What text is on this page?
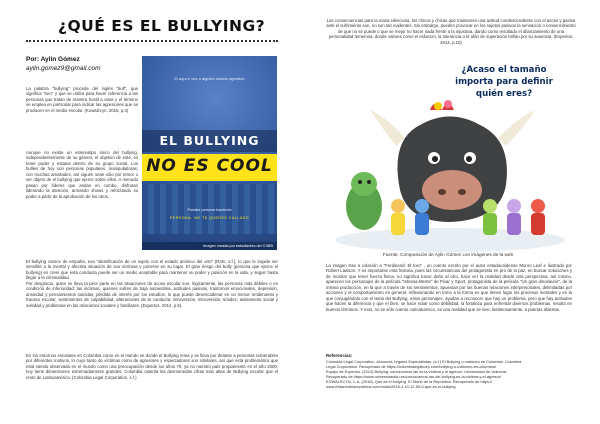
¿QUÉ ES EL BULLYING?
Por: Aylin Gómez
aylin.gomez9@gmail.com
La palabra "bullying" procede del inglés "bull", que significa "toro" y que se utiliza para hacer referencia a las personas que tratan de manera hostil a otras y el término se emplea en particular para indicar las agresiones que se producen en el medio escolar. (Kowalzcyn, 2016, p.3)
Aunque no existe un estereotipo único del bullying, independientemente de su género, el objetivo de este, es tener poder y estatus dentro de su grupo social. Los bullies de hoy son personas populares, manipuladoras, con muchas amistades, así siguen sean sólo por temor o ser objeto de el bullying que ejerce sobre ellos. A menudo pasan por líderes que andan en combo, disfrutan liderando la atención, armando shows y reforzando su poder a partir de la aprobación de los otros.
El aquí e vez a alguien estado agredido
EL BULLYING
NO ES COOL
Puedes persona haciendo
PERSONA- NO TE QUEDES CALLADO
Imagen creada por estudiantes del CSBB
El bullying carece de empatía, esa "identificación de un sujeto con el estado anímico del otro" (RAE, s.f.), lo que le impide ser sensible a la mental y afectiva situación de sus víctimas y ponerse en su lugar. El gran riesgo del bully (persona que ejerce el bullying) es creer que esta conducta puede ser un medio aceptable para mantener su poder y posición en la vida, y seguir hasta llegar a la criminalidad.
Por desgracia, quien se lleva la peor parte en las situaciones de acoso escolar son, lógicamente, las personas más débiles o en condición de inferioridad: las víctimas, quienes sufren de baja autoestima, actitudes pasivas, trastornos emocionales, depresión, ansiedad y pensamientos suicidas, pérdida de interés por los estudios, lo que puede desencadenar en un menor rendimiento y fracaso escolar, sentimientos de culpabilidad, alteraciones de la conducta: introversión, introversión, timidez, aislamiento social y soledad y problemas en las relaciones sociales y familiares. (Expertos, 2014, p.5).
En los entornos escolares en Colombia como en el mundo se donde el Bullying reina y se lleva por delante a personas vulnerables por diferentes motivos, lo cuyo tanto de víctimas como de agresores y espectadores son similares, así que esta problemática que está siendo observada en el mundo como una preocupación desde los años 70, ya no nuestro país propiamente en el año 2000, hoy tiene dimensiones extremadamente grandes, Colombia ostenta las desmonedas cifras más altas de Bullying escolar que el resto de Latinoamérica. (Colombia Legal Corporation, s.f.)
Las consecuencias para la masa silenciosa, los chicos y chicas que mantienen una actitud condescendiente con el acoso y pasiva ante el sufrimiento son, no son tan evidentes. Sin embargo, pueden provocar en los sujetos pasivos la sensación o convencimiento de que no se puede o que se mejor no hacer nada frente a la injusticia, dando como resultado el afianzamiento de una personalidad temerosa, donde valores como el esfuerzo, la tolerancia o el afán de superación brillan por su ausencia. (Expertos, 2014, p.10)
¿Acaso el tamaño importa para definir quién eres?
Fuente: Composición de Aylin Gómez con imágenes de la web
La imagen trae a colación a "Ferdinand: El toro" , un cuento escrito por el autor estadounidense Munro Leaf e ilustrado por Robert Lawson. Y es importante esta historia, pues las circunstancias del protagonista en pro de la paz, en buscar soluciones y de mostrar que tener fuerza física, no significa hacer daño al otro, hace ver la realidad desde otra perspectiva, así mismo, aparecen los personajes de la película "Intensa-Mente" de Pixar y Sport, protagonista de la película "Un gran dinosaurio", de la misma producción, en la que a través de los sentimientos, apuestan por las buenas relaciones interpersonales, delimitadas por acciones y el comportamiento en general, reflexionando en torno a la forma en que tienen lugar los procesos mentales y en la que conjugándolo con el tema del Bullying, estos personajes, ayudan a reconocer que hay un problema, pero que hay actitudes que hacen la diferencia y que el bien, se hace notar como debilidad, la fortaleza para enfrentar diversos problemas, resulta en buenos términos. Y esto, no se sólo cuento caricaturesco, es una realidad que se vive, lastimosamente, a puertas abiertas.
Referencias:
Colombia Legal Corporation. Acosores Legales Especialistas. (s.f.) El Bullying o matoneo en Colombia. Colombia
Legal Corporation. Recuperado de https://colombialegalcorp.com/bullying-o-matoneo-en-colombia/
Equipo de Expertos. (2014) Bullying: conozcamos las es la víctima y el agresor. Universidad de Valencia.
Recuperado de https://www.universidadviu.es/conozcamos-las-del-bullying-es-la-victima-y-el-agresor/
KOWALSCYN, C.A, (2016). Qué es el bullying. El Diario de la República. Recuperado de https://
www.eldiariodelarepublica.com/notas/2016-4-10-12-59-0-que-es-el-bullying
